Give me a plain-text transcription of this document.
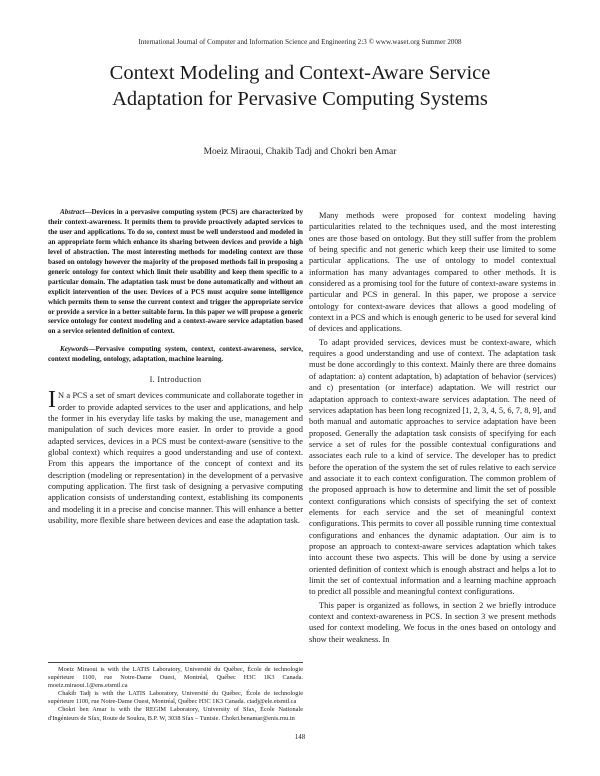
International Journal of Computer and Information Science and Engineering 2:3 © www.waset.org Summer 2008
Context Modeling and Context-Aware Service
Adaptation for Pervasive Computing Systems
Moeiz Miraoui, Chakib Tadj and Chokri ben Amar

Abstract—Devices in a pervasive computing system (PCS) are characterized by their context-awareness. It permits them to provide proactively adapted services to the user and applications. To do so, context must be well understood and modeled in an appropriate form which enhance its sharing between devices and provide a high level of abstraction. The most interesting methods for modeling context are those based on ontology however the majority of the proposed methods fail in proposing a generic ontology for context which limit their usability and keep them specific to a particular domain. The adaptation task must be done automatically and without an explicit intervention of the user. Devices of a PCS must acquire some intelligence which permits them to sense the current context and trigger the appropriate service or provide a service in a better suitable form. In this paper we will propose a generic service ontology for context modeling and a context-aware service adaptation based on a service oriented definition of context.

Keywords—Pervasive computing system, context, context-awareness, service, context modeling, ontology, adaptation, machine learning.

I. Introduction

I N a PCS a set of smart devices communicate and collaborate together in order to provide adapted services to the user and applications, and help the former in his everyday life tasks by making the use, management and manipulation of such devices more easier. In order to provide a good adapted services, devices in a PCS must be context-aware (sensitive to the global context) which requires a good understanding and use of context. From this appears the importance of the concept of context and its description (modeling or representation) in the development of a pervasive computing application. The first task of designing a pervasive computing application consists of understanding context, establishing its components and modeling it in a precise and concise manner. This will enhance a better usability, more flexible share between devices and ease the adaptation task.

Many methods were proposed for context modeling having particularities related to the techniques used, and the most interesting ones are those based on ontology. But they still suffer from the problem of being specific and not generic which keep their use limited to some particular applications. The use of ontology to model contextual information has many advantages compared to other methods. It is considered as a promising tool for the future of context-aware systems in particular and PCS in general. In this paper, we propose a service ontology for context-aware devices that allows a good modeling of context in a PCS and which is enough generic to be used for several kind of devices and applications.

To adapt provided services, devices must be context-aware, which requires a good understanding and use of context. The adaptation task must be done accordingly to this context. Mainly there are three domains of adaptation: a) content adaptation, b) adaptation of behavior (services) and c) presentation (or interface) adaptation. We will restrict our adaptation approach to context-aware services adaptation. The need of services adaptation has been long recognized [1, 2, 3, 4, 5, 6, 7, 8, 9], and both manual and automatic approaches to service adaptation have been proposed. Generally the adaptation task consists of specifying for each service a set of rules for the possible contextual configurations and associates each rule to a kind of service. The developer has to predict before the operation of the system the set of rules relative to each service and associate it to each context configuration. The common problem of the proposed approach is how to determine and limit the set of possible context configurations which consists of specifying the set of context elements for each service and the set of meaningful context configurations. This permits to cover all possible running time contextual configurations and enhances the dynamic adaptation. Our aim is to propose an approach to context-aware services adaptation which takes into account these two aspects. This will be done by using a service oriented definition of context which is enough abstract and helps a lot to limit the set of contextual information and a learning machine approach to predict all possible and meaningful context configurations.

This paper is organized as follows, in section 2 we briefly introduce context and context-awareness in PCS. In section 3 we present methods used for context modeling. We focus in the ones based on ontology and show their weakness. In

Moeiz Miraoui is with the LATIS Laboratory, Université du Québec, École de technologie supérieure 1100, rue Notre-Dame Ouest, Montréal, Québec H3C 1K3 Canada. moeiz.miraoui.1@ens.etsmtl.ca

Chakib Tadj is with the LATIS Laboratory, Université du Québec, École de technologie supérieure 1100, rue Notre-Dame Ouest, Montréal, Québec H3C 1K3 Canada. ctadj@ele.etsmtl.ca

Chokri ben Amar is with the REGIM Laboratory, University of Sfax, École Nationale d'Ingénieurs de Sfax, Route de Soukra, B.P. W, 3038 Sfax – Tunisie. Chokri.benamar@enis.rnu.tn

148
